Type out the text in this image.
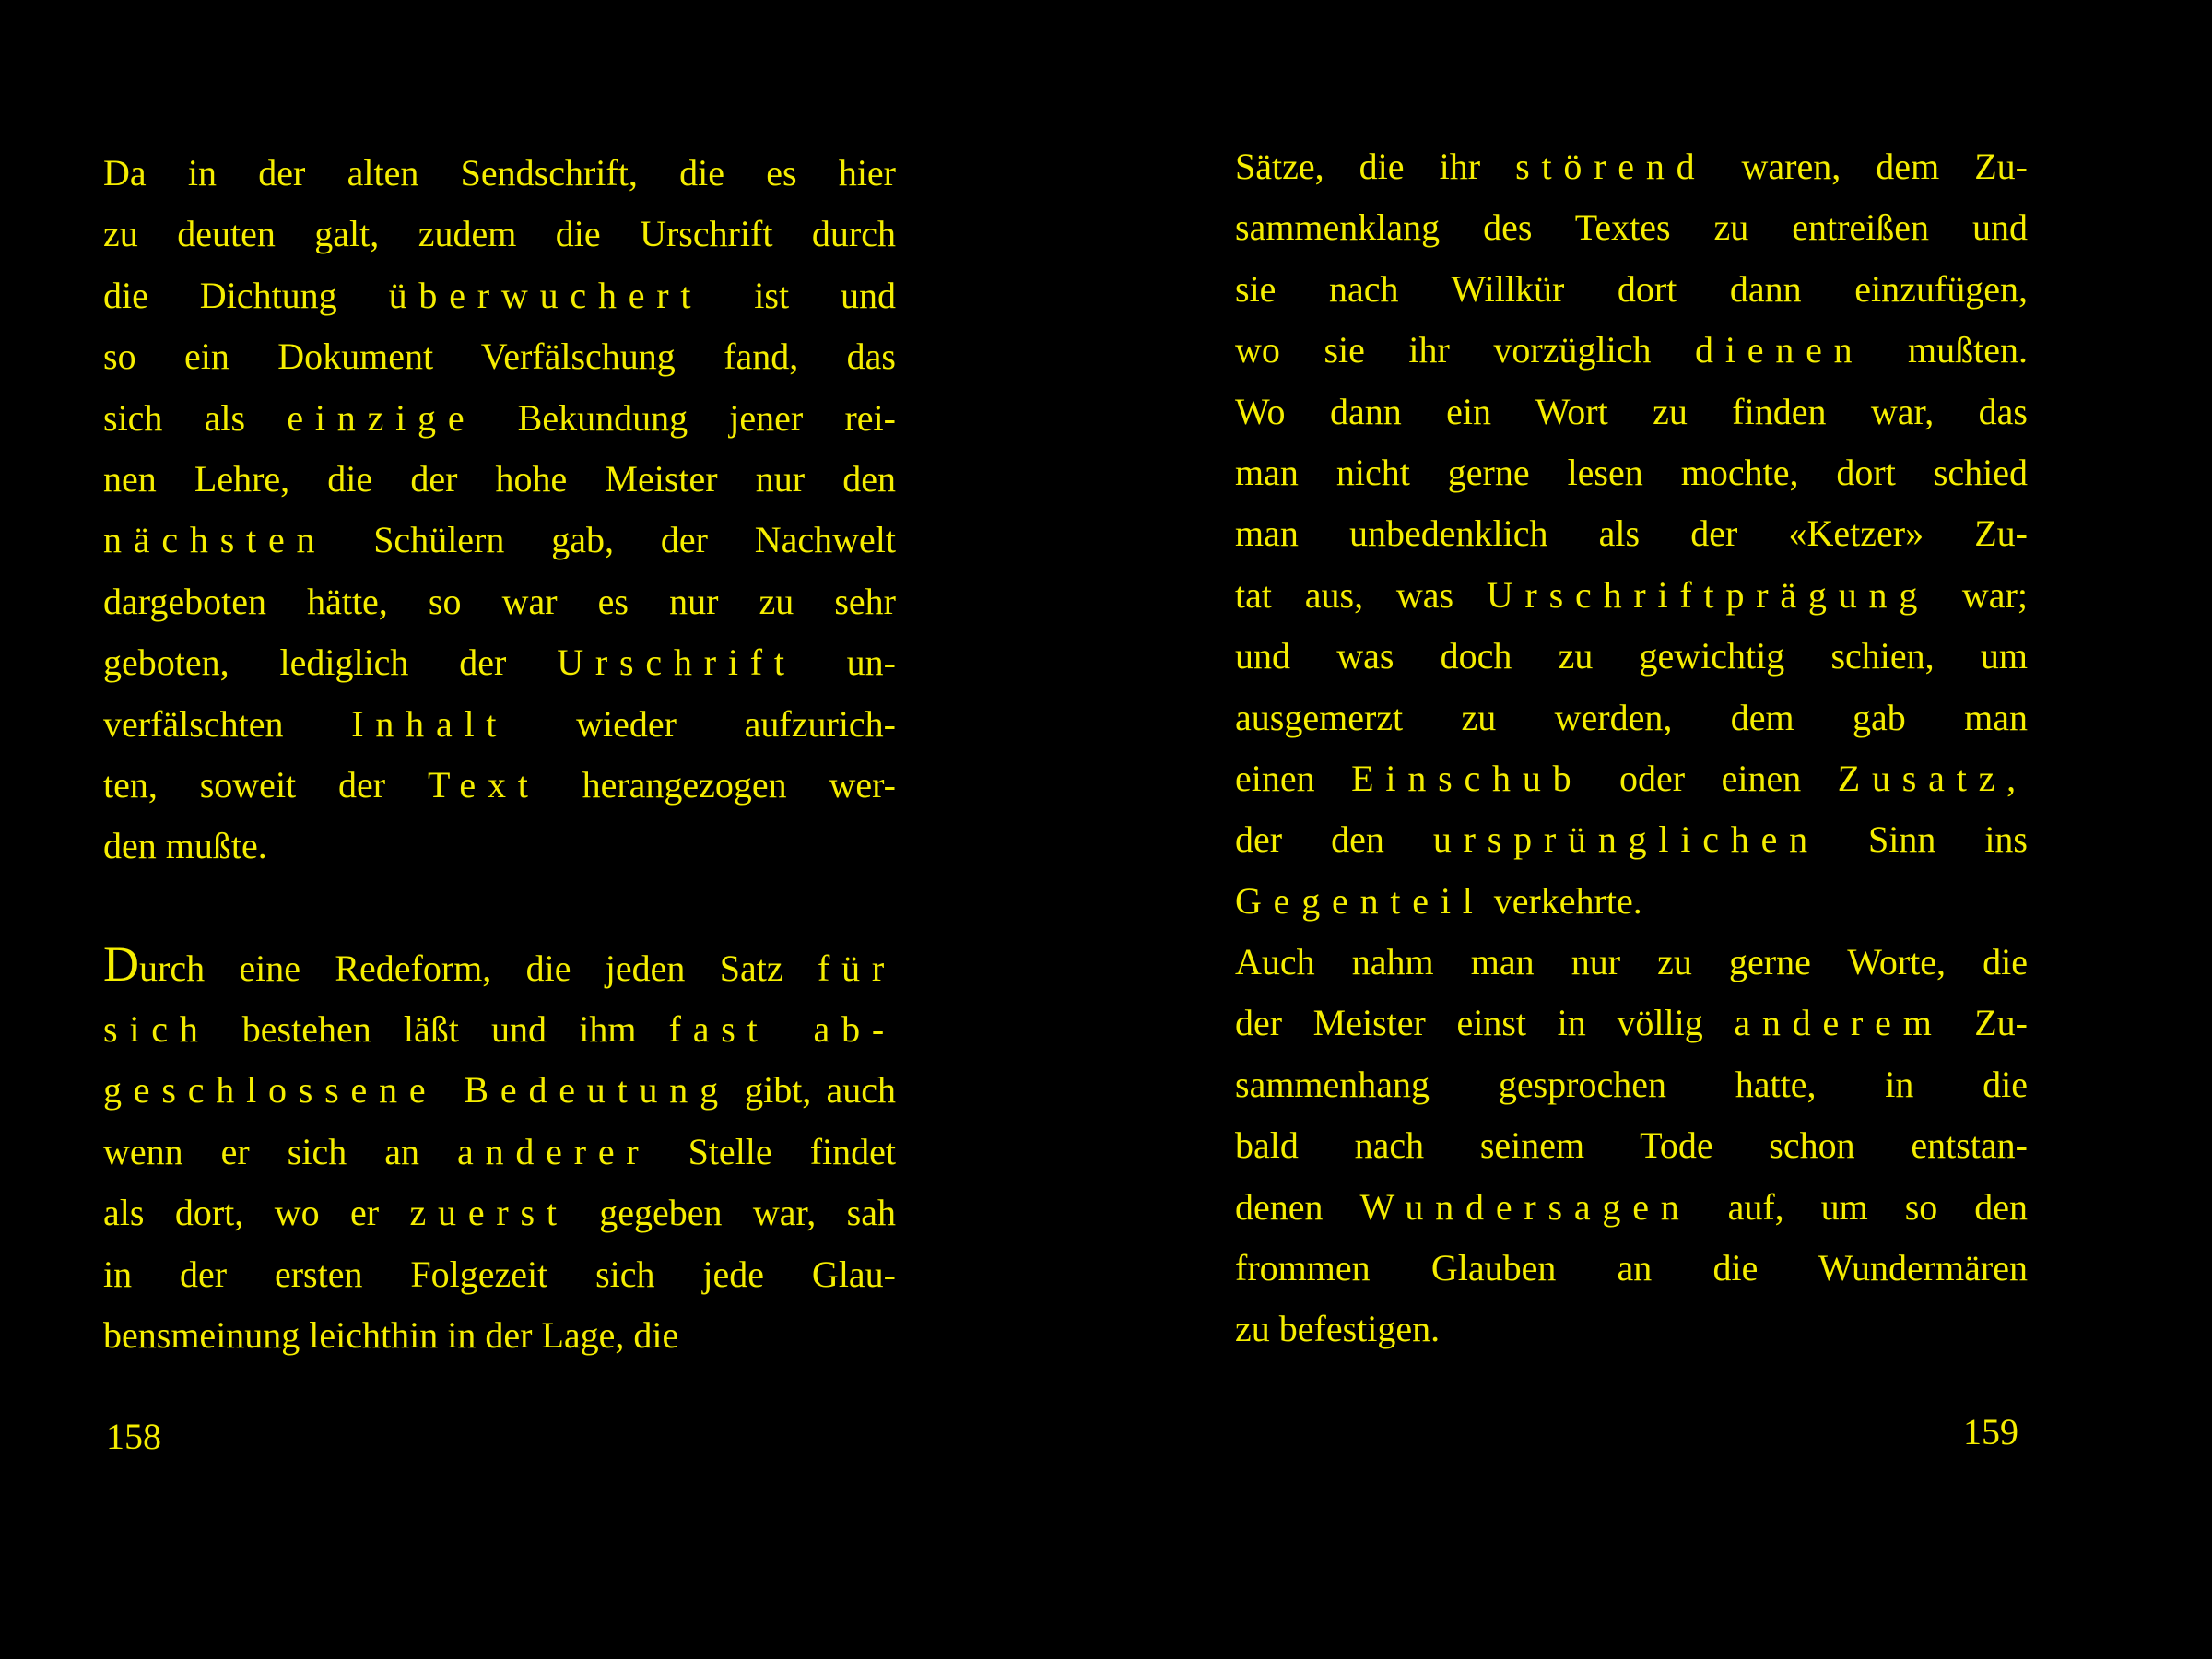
Da in der alten Sendschrift, die es hier
zu deuten galt, zudem die Urschrift durch
die Dichtung überwuchert ist und
so ein Dokument Verfälschung fand, das
sich als einzige Bekundung jener rei-
nen Lehre, die der hohe Meister nur den
nächsten Schülern gab, der Nachwelt
dargeboten hätte, so war es nur zu sehr
geboten, lediglich der Urschrift un-
verfälschten Inhalt wieder aufzurich-
ten, soweit der Text herangezogen wer-
den mußte.
Durch eine Redeform, die jeden Satz für
sich bestehen läßt und ihm fast ab-
geschlossene Bedeutung gibt, auch
wenn er sich an anderer Stelle findet
als dort, wo er zuerst gegeben war, sah
in der ersten Folgezeit sich jede Glau-
bensmeinung leichthin in der Lage, die
158
Sätze, die ihr störend waren, dem Zu-
sammenklang des Textes zu entreißen und
sie nach Willkür dort dann einzufügen,
wo sie ihr vorzüglich dienen mußten.
Wo dann ein Wort zu finden war, das
man nicht gerne lesen mochte, dort schied
man unbedenklich als der «Ketzer» Zu-
tat aus, was Urschriftprägung war;
und was doch zu gewichtig schien, um
ausgemerzt zu werden, dem gab man
einen Einschub oder einen Zusatz,
der den ursprünglichen Sinn ins
Gegenteil verkehrte.
Auch nahm man nur zu gerne Worte, die
der Meister einst in völlig anderem Zu-
sammenhang gesprochen hatte, in die
bald nach seinem Tode schon entstan-
denen Wundersagen auf, um so den
frommen Glauben an die Wundermären
zu befestigen.
159
